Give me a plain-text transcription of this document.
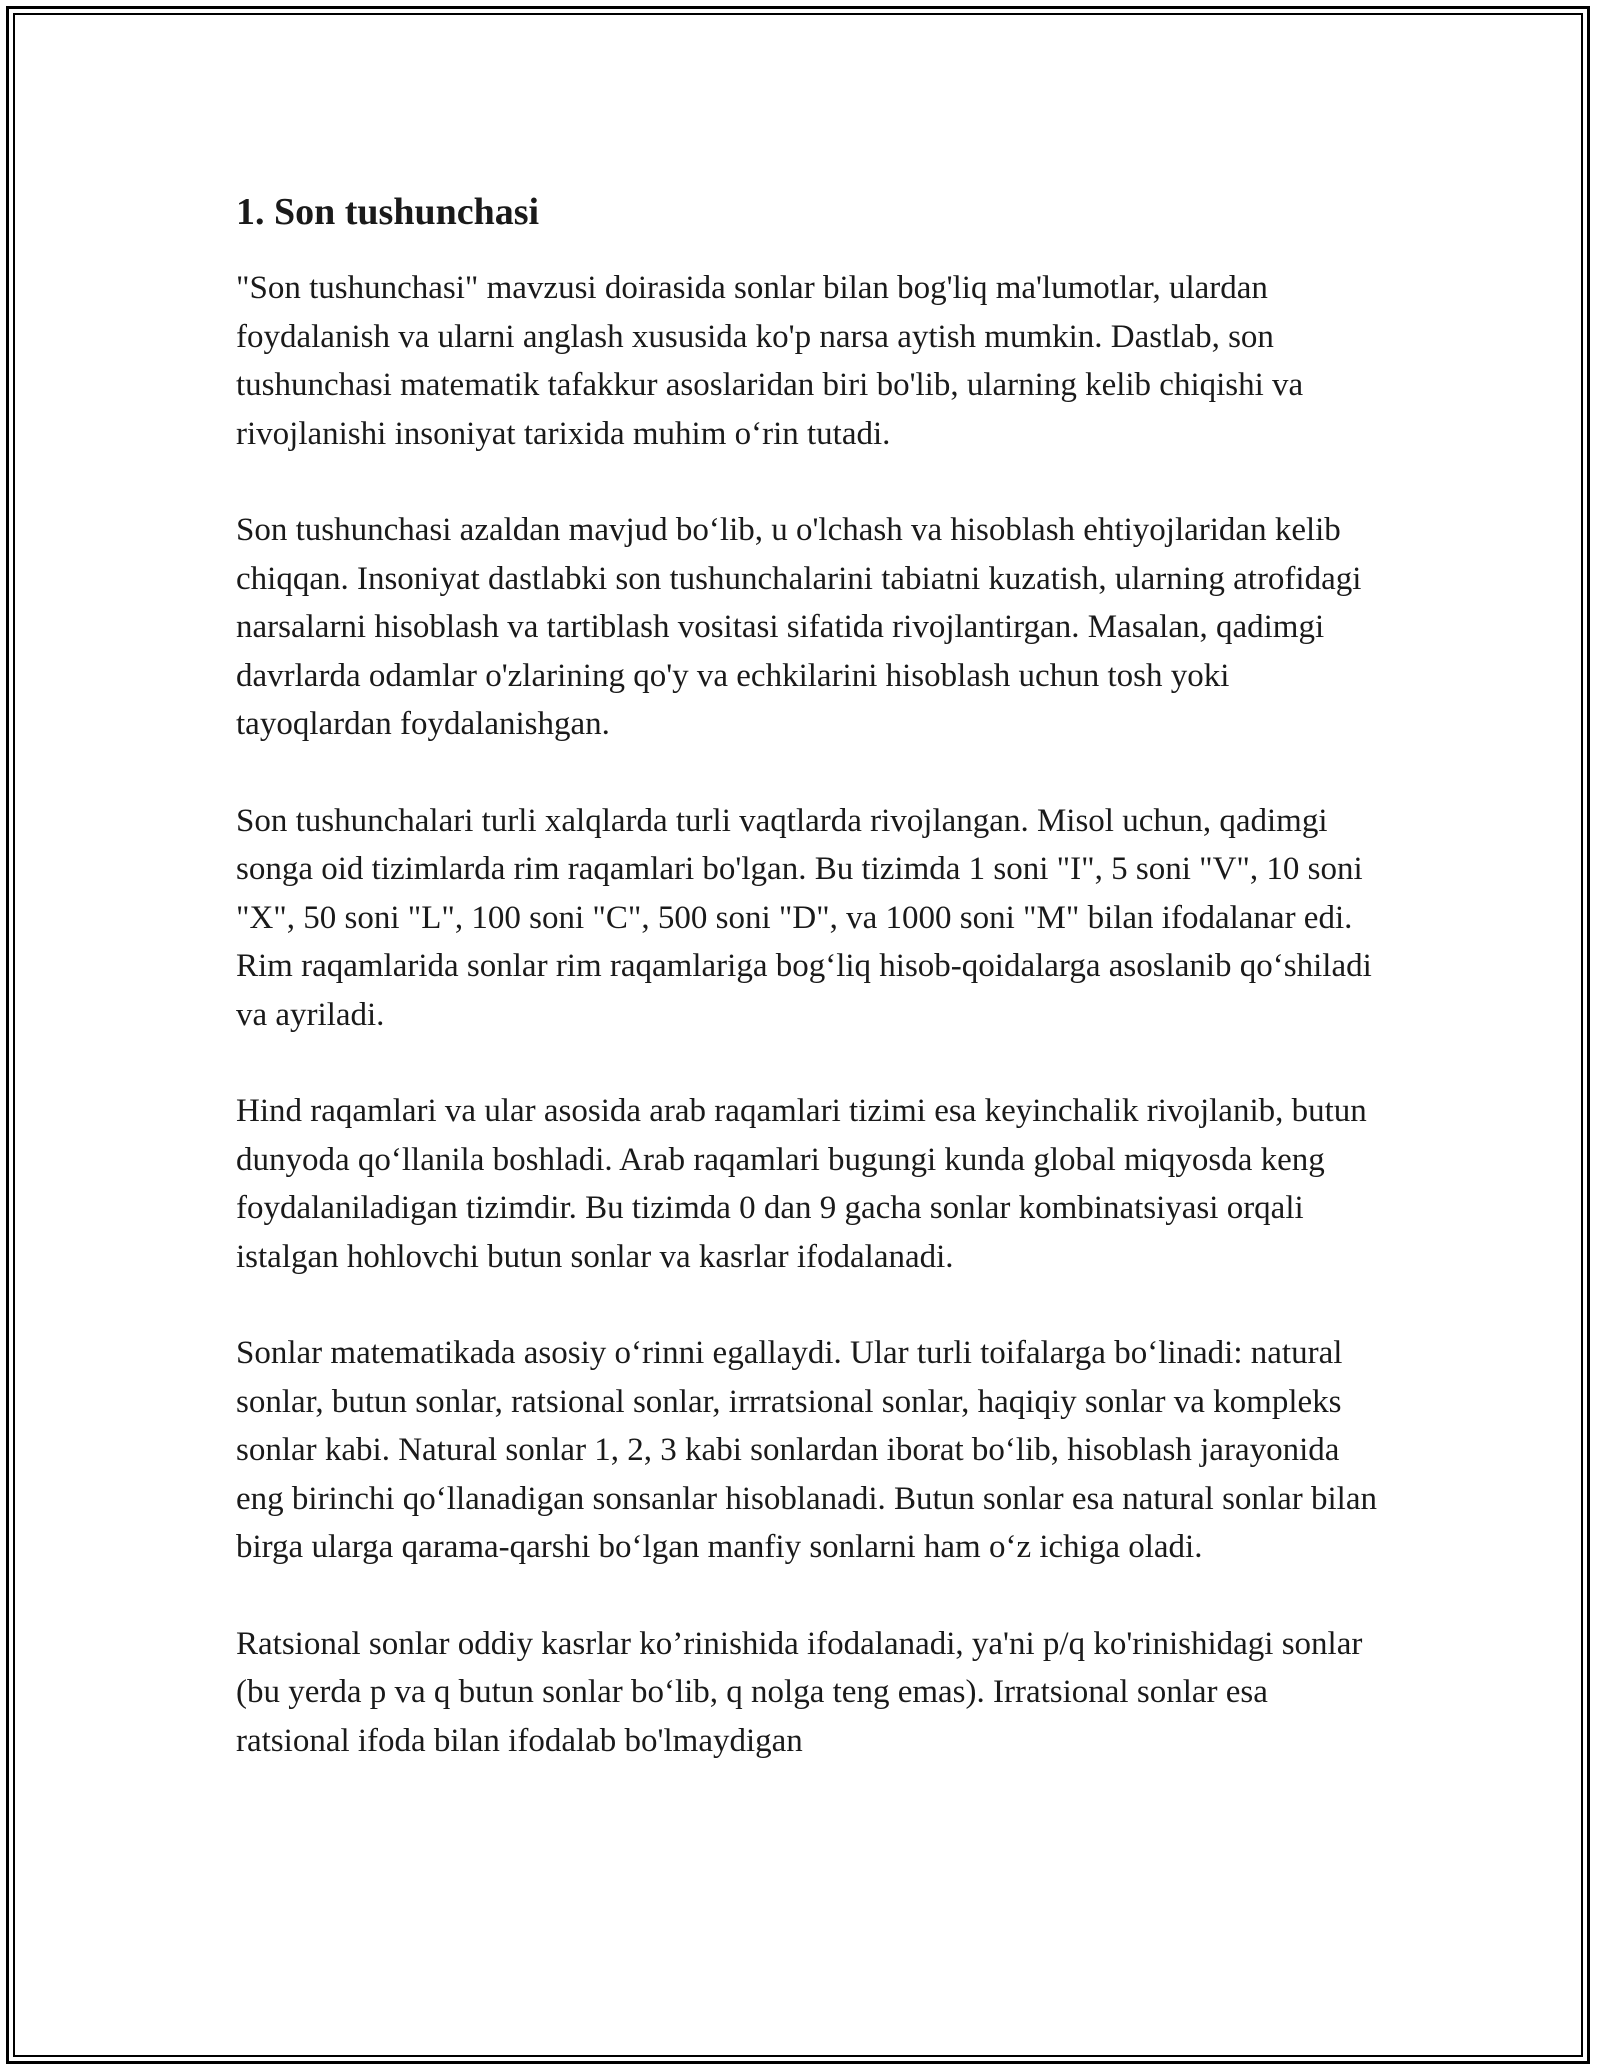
1. Son tushunchasi

"Son tushunchasi" mavzusi doirasida sonlar bilan bog'liq ma'lumotlar, ulardan foydalanish va ularni anglash xususida ko'p narsa aytish mumkin. Dastlab, son tushunchasi matematik tafakkur asoslaridan biri bo'lib, ularning kelib chiqishi va rivojlanishi insoniyat tarixida muhim o‘rin tutadi.

Son tushunchasi azaldan mavjud bo‘lib, u o'lchash va hisoblash ehtiyojlaridan kelib chiqqan. Insoniyat dastlabki son tushunchalarini tabiatni kuzatish, ularning atrofidagi narsalarni hisoblash va tartiblash vositasi sifatida rivojlantirgan. Masalan, qadimgi davrlarda odamlar o'zlarining qo'y va echkilarini hisoblash uchun tosh yoki tayoqlardan foydalanishgan.

Son tushunchalari turli xalqlarda turli vaqtlarda rivojlangan. Misol uchun, qadimgi songa oid tizimlarda rim raqamlari bo'lgan. Bu tizimda 1 soni "I", 5 soni "V", 10 soni "X", 50 soni "L", 100 soni "C", 500 soni "D", va 1000 soni "M" bilan ifodalanar edi. Rim raqamlarida sonlar rim raqamlariga bog‘liq hisob-qoidalarga asoslanib qo‘shiladi va ayriladi.

Hind raqamlari va ular asosida arab raqamlari tizimi esa keyinchalik rivojlanib, butun dunyoda qo‘llanila boshladi. Arab raqamlari bugungi kunda global miqyosda keng foydalaniladigan tizimdir. Bu tizimda 0 dan 9 gacha sonlar kombinatsiyasi orqali istalgan hohlovchi butun sonlar va kasrlar ifodalanadi.

Sonlar matematikada asosiy o‘rinni egallaydi. Ular turli toifalarga bo‘linadi: natural sonlar, butun sonlar, ratsional sonlar, irrratsional sonlar, haqiqiy sonlar va kompleks sonlar kabi. Natural sonlar 1, 2, 3 kabi sonlardan iborat bo‘lib, hisoblash jarayonida eng birinchi qo‘llanadigan sonsanlar hisoblanadi. Butun sonlar esa natural sonlar bilan birga ularga qarama-qarshi bo‘lgan manfiy sonlarni ham o‘z ichiga oladi.

Ratsional sonlar oddiy kasrlar ko’rinishida ifodalanadi, ya'ni p/q ko'rinishidagi sonlar (bu yerda p va q butun sonlar bo‘lib, q nolga teng emas). Irratsional sonlar esa ratsional ifoda bilan ifodalab bo'lmaydigan
